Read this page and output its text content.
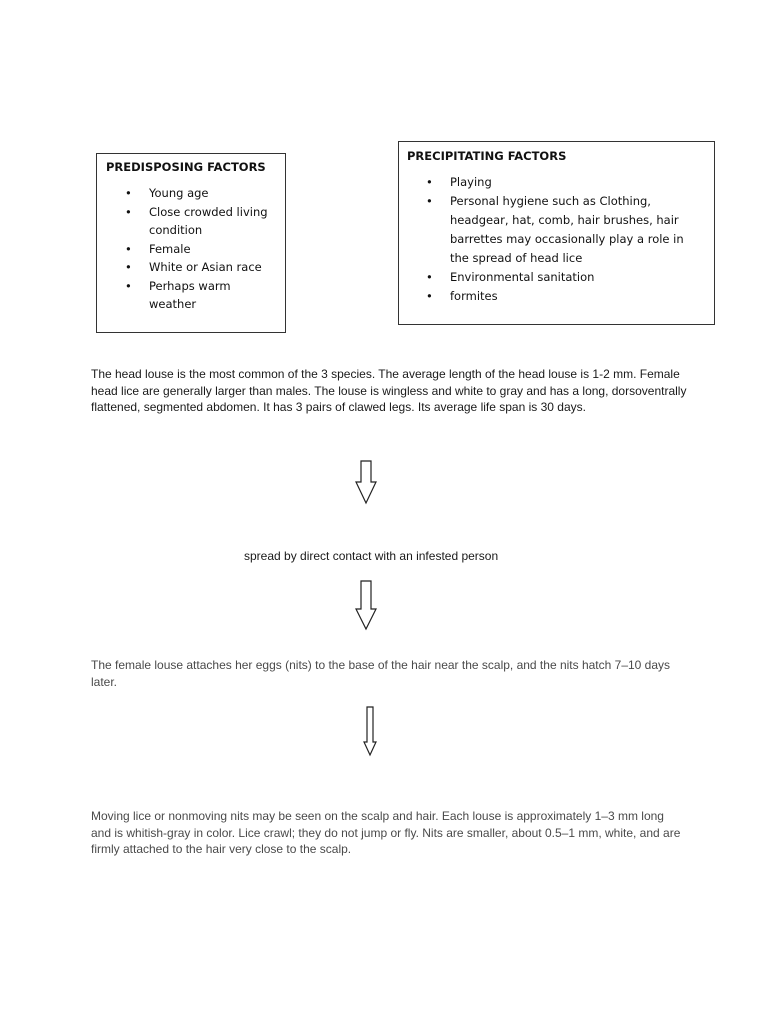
PREDISPOSING FACTORS

• Young age
• Close crowded living condition
• Female
• White or Asian race
• Perhaps warm weather

PRECIPITATING FACTORS

• Playing
• Personal hygiene such as Clothing, headgear, hat, comb, hair brushes, hair barrettes may occasionally play a role in the spread of head lice
• Environmental sanitation
• formites

The head louse is the most common of the 3 species. The average length of the head louse is 1-2 mm. Female head lice are generally larger than males. The louse is wingless and white to gray and has a long, dorsoventrally flattened, segmented abdomen. It has 3 pairs of clawed legs. Its average life span is 30 days.

spread by direct contact with an infested person

The female louse attaches her eggs (nits) to the base of the hair near the scalp, and the nits hatch 7–10 days later.

Moving lice or nonmoving nits may be seen on the scalp and hair. Each louse is approximately 1–3 mm long and is whitish-gray in color. Lice crawl; they do not jump or fly. Nits are smaller, about 0.5–1 mm, white, and are firmly attached to the hair very close to the scalp.
